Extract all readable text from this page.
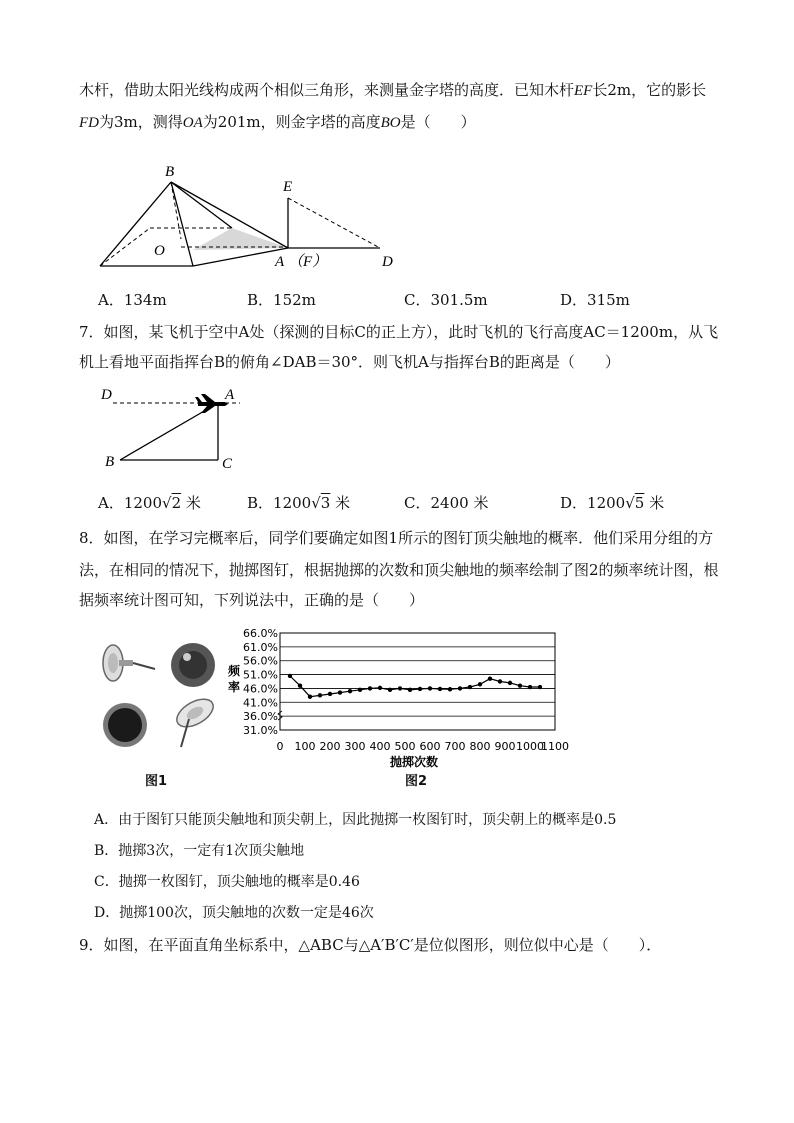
木杆，借助太阳光线构成两个相似三角形，来测量金字塔的高度．已知木杆EF长2m，它的影长
FD为3m，测得OA为201m，则金字塔的高度BO是（　　）
B
E
O
A （F）	D
A．134m	B．152m	C．301.5m	D．315m
7．如图，某飞机于空中A处（探测的目标C的正上方），此时飞机的飞行高度AC＝1200m，从飞
机上看地平面指挥台B的俯角∠DAB＝30°．则飞机A与指挥台B的距离是（　　）
D	A
B	C
A．1200√2 米	B．1200√3 米	C．2400 米	D．1200√5 米
8．如图，在学习完概率后，同学们要确定如图1所示的图钉顶尖触地的概率．他们采用分组的方
法，在相同的情况下，抛掷图钉，根据抛掷的次数和顶尖触地的频率绘制了图2的频率统计图，根
据频率统计图可知，下列说法中，正确的是（　　）
图1
31.0%
36.0%
41.0%
46.0%
51.0%
56.0%
61.0%
66.0%
0 100 200 300 400 500 600 700 800 900 1000
1100
频
率
抛掷次数
图2
A．由于图钉只能顶尖触地和顶尖朝上，因此抛掷一枚图钉时，顶尖朝上的概率是0.5
B．抛掷3次，一定有1次顶尖触地
C．抛掷一枚图钉，顶尖触地的概率是0.46
D．抛掷100次，顶尖触地的次数一定是46次
9．如图，在平面直角坐标系中，△ABC与△A′B′C′是位似图形，则位似中心是（　　）．
